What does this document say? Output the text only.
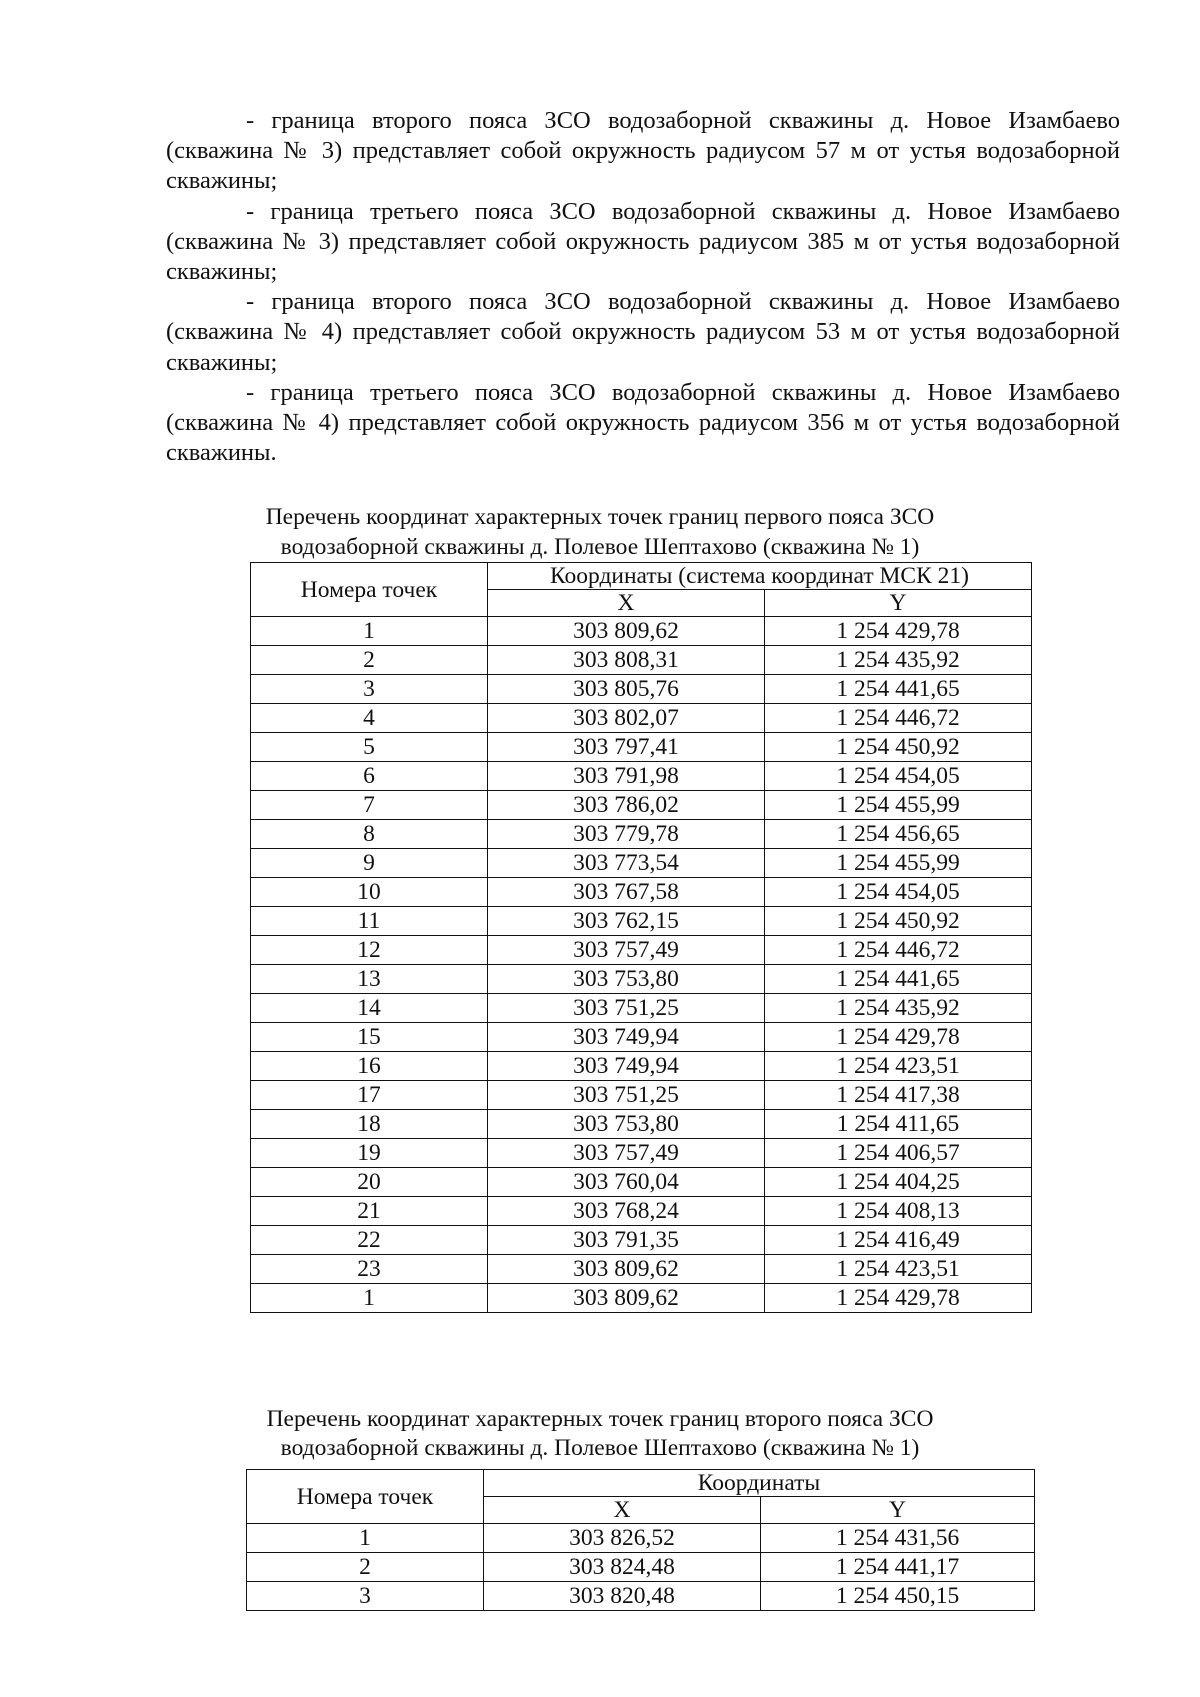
- граница второго пояса ЗСО водозаборной скважины д. Новое Изамбаево (скважина № 3) представляет собой окружность радиусом 57 м от устья водозаборной скважины;

- граница третьего пояса ЗСО водозаборной скважины д. Новое Изамбаево (скважина № 3) представляет собой окружность радиусом 385 м от устья водозаборной скважины;

- граница второго пояса ЗСО водозаборной скважины д. Новое Изамбаево (скважина № 4) представляет собой окружность радиусом 53 м от устья водозаборной скважины;

- граница третьего пояса ЗСО водозаборной скважины д. Новое Изамбаево (скважина № 4) представляет собой окружность радиусом 356 м от устья водозаборной скважины.

Перечень координат характерных точек границ первого пояса ЗСО

водозаборной скважины д. Полевое Шептахово (скважина № 1)

Номера точек	Координаты (система координат МСК 21)	
	X	Y
1	303 809,62	1 254 429,78
2	303 808,31	1 254 435,92
3	303 805,76	1 254 441,65
4	303 802,07	1 254 446,72
5	303 797,41	1 254 450,92
6	303 791,98	1 254 454,05
7	303 786,02	1 254 455,99
8	303 779,78	1 254 456,65
9	303 773,54	1 254 455,99
10	303 767,58	1 254 454,05
11	303 762,15	1 254 450,92
12	303 757,49	1 254 446,72
13	303 753,80	1 254 441,65
14	303 751,25	1 254 435,92
15	303 749,94	1 254 429,78
16	303 749,94	1 254 423,51
17	303 751,25	1 254 417,38
18	303 753,80	1 254 411,65
19	303 757,49	1 254 406,57
20	303 760,04	1 254 404,25
21	303 768,24	1 254 408,13
22	303 791,35	1 254 416,49
23	303 809,62	1 254 423,51
1	303 809,62	1 254 429,78

Перечень координат характерных точек границ второго пояса ЗСО

водозаборной скважины д. Полевое Шептахово (скважина № 1)

Номера точек	Координаты	
	X	Y
1	303 826,52	1 254 431,56
2	303 824,48	1 254 441,17
3	303 820,48	1 254 450,15
